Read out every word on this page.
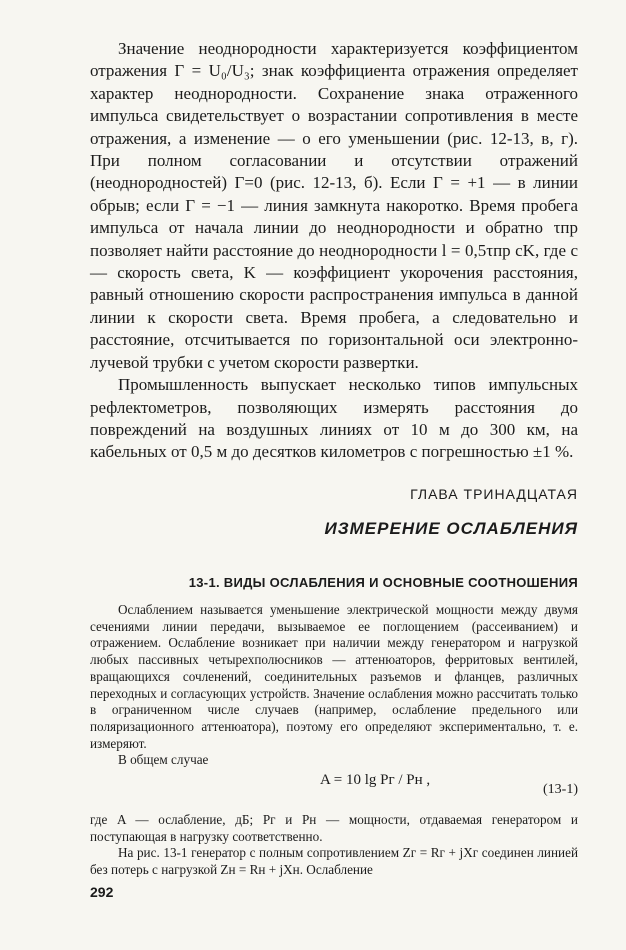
Значение неоднородности характеризуется коэффициентом отражения Г = U₀/U₃; знак коэффициента отражения определяет характер неоднородности. Сохранение знака отраженного импульса свидетельствует о возрастании сопротивления в месте отражения, а изменение — о его уменьшении (рис. 12-13, в, г). При полном согласовании и отсутствии отражений (неоднородностей) Г=0 (рис. 12-13, б). Если Г = +1 — в линии обрыв; если Г = −1 — линия замкнута накоротко. Время пробега импульса от начала линии до неоднородности и обратно τпр позволяет найти расстояние до неоднородности l = 0,5τпр cK, где c — скорость света, K — коэффициент укорочения расстояния, равный отношению скорости распространения импульса в данной линии к скорости света. Время пробега, а следовательно и расстояние, отсчитывается по горизонтальной оси электронно-лучевой трубки с учетом скорости развертки.

Промышленность выпускает несколько типов импульсных рефлектометров, позволяющих измерять расстояния до повреждений на воздушных линиях от 10 м до 300 км, на кабельных от 0,5 м до десятков километров с погрешностью ±1 %.

ГЛАВА ТРИНАДЦАТАЯ

ИЗМЕРЕНИЕ ОСЛАБЛЕНИЯ

13-1. ВИДЫ ОСЛАБЛЕНИЯ И ОСНОВНЫЕ СООТНОШЕНИЯ

Ослаблением называется уменьшение электрической мощности между двумя сечениями линии передачи, вызываемое ее поглощением (рассеиванием) и отражением. Ослабление возникает при наличии между генератором и нагрузкой любых пассивных четырехполюсников — аттенюаторов, ферритовых вентилей, вращающихся сочленений, соединительных разъемов и фланцев, различных переходных и согласующих устройств. Значение ослабления можно рассчитать только в ограниченном числе случаев (например, ослабление предельного или поляризационного аттенюатора), поэтому его определяют экспериментально, т. е. измеряют.

В общем случае

A = 10 lg Pг / Pн ,
(13-1)

где A — ослабление, дБ; Pг и Pн — мощности, отдаваемая генератором и поступающая в нагрузку соответственно.

На рис. 13-1 генератор с полным сопротивлением Zг = Rг + jXг соединен линией без потерь с нагрузкой Zн = Rн + jXн. Ослабление

292
